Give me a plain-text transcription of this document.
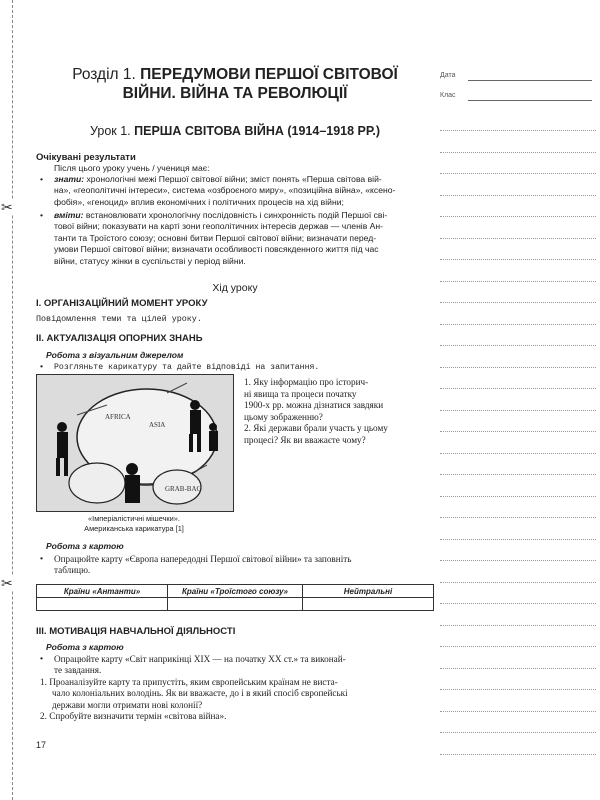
✂
✂
Розділ 1. ПЕРЕДУМОВИ ПЕРШОЇ СВІТОВОЇ
ВІЙНИ. ВІЙНА ТА РЕВОЛЮЦІЇ
Урок 1. ПЕРША СВІТОВА ВІЙНА (1914–1918 РР.)
Очікувані результати
Після цього уроку учень / учениця має:
• знати: хронологічні межі Першої світової війни; зміст понять «Перша світова вій-
на», «геополітичні інтереси», система «озброєного миру», «позиційна війна», «ксено-
фобія», «геноцид» вплив економічних і політичних процесів на хід війни;
• вміти: встановлювати хронологічну послідовність і синхронність подій Першої сві-
тової війни; показувати на карті зони геополітичних інтересів держав — членів Ан-
танти та Троїстого союзу; основні битви Першої світової війни; визначати перед-
умови Першої світової війни; визначати особливості повсякденного життя під час
війни, статусу жінки в суспільстві у період війни.
Хід уроку
I. ОРГАНІЗАЦІЙНИЙ МОМЕНТ УРОКУ
Повідомлення теми та цілей уроку.
II. АКТУАЛІЗАЦІЯ ОПОРНИХ ЗНАНЬ
Робота з візуальним джерелом
• Розгляньте карикатуру та дайте відповіді на запитання.
AFRICA
ASIA
GRAB-BAG
«Імперіалістичні мішечки».
Американська карикатура [1]
1. Яку інформацію про історич-
ні явища та процеси початку
1900-х рр. можна дізнатися завдяки
цьому зображенню?
2. Які держави брали участь у цьому
процесі? Як ви вважаєте чому?
Робота з картою
• Опрацюйте карту «Європа напередодні Першої світової війни» та заповніть
таблицю.
Країни «Антанти»	Країни «Троїстого союзу»	Нейтральні

III. МОТИВАЦІЯ НАВЧАЛЬНОЇ ДІЯЛЬНОСТІ
Робота з картою
• Опрацюйте карту «Світ наприкінці XIX — на початку XX ст.» та виконай-
те завдання.
1. Проаналізуйте карту та припустіть, яким європейським країнам не виста-
чало колоніальних володінь. Як ви вважаєте, до і в який спосіб європейські
держави могли отримати нові колонії?
2. Спробуйте визначити термін «світова війна».
17
Дата
Клас
